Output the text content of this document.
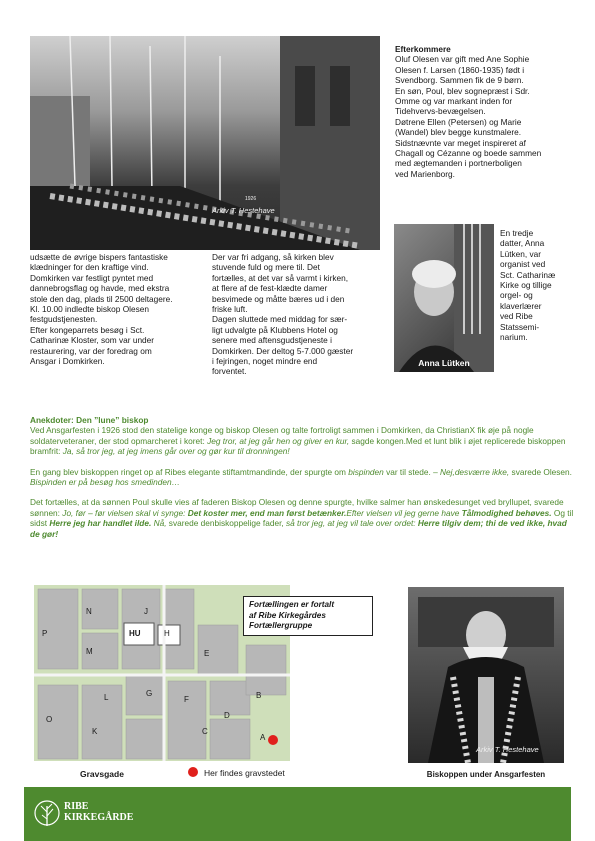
Arkiv T. Hestehave
1926
Efterkommere
Oluf Olesen var gift med Ane Sophie
Olesen f. Larsen (1860-1935) født i
Svendborg. Sammen fik de 9 børn.
En søn, Poul, blev sognepræst i Sdr.
Omme og var markant inden for
Tidehvervs-bevægelsen.
Døtrene Ellen (Petersen) og Marie
(Wandel) blev begge kunstmalere.
Sidstnævnte var meget inspireret af
Chagall og Cézanne og boede sammen
med ægtemanden i portnerboligen
ved Marienborg.
Anna Lütken
En tredje
datter, Anna
Lütken, var
organist ved
Sct. Catharinæ
Kirke og tillige
orgel- og
klaverlærer
ved Ribe
Statssemi-
narium.
udsætte de øvrige bispers fantastiske
klædninger for den kraftige vind.
Domkirken var festligt pyntet med
dannebrogsflag og havde, med ekstra
stole den dag, plads til 2500 deltagere.
Kl. 10.00 indledte biskop Olesen
festgudstjenesten.
Efter kongeparrets besøg i Sct.
Catharinæ Kloster, som var under
restaurering, var der foredrag om
Ansgar i Domkirken.
Der var fri adgang, så kirken blev
stuvende fuld og mere til. Det
fortælles, at det var så varmt i kirken,
at flere af de fest-klædte damer
besvimede og måtte bæres ud i den
friske luft.
Dagen sluttede med middag for sær-
ligt udvalgte på Klubbens Hotel og
senere med aftensgudstjeneste i
Domkirken. Der deltog 5-7.000 gæster
i fejringen, noget mindre end
forventet.
Anekdoter: Den ”lune” biskop
Ved Ansgarfesten i 1926 stod den statelige konge og biskop Olesen og talte fortroligt sammen i Domkirken, da ChristianX fik øje på nogle soldaterveteraner, der stod opmarcheret i koret: Jeg tror, at jeg går hen og giver en kur, sagde kongen.Med et lunt blik i øjet replicerede biskoppen bramfrit: Ja, så tror jeg, at jeg imens går over og gør kur til dronningen!
En gang blev biskoppen ringet op af Ribes elegante stiftamtmandinde, der spurgte om bispinden var til stede. – Nej,desværre ikke, svarede Olesen. Bispinden er på besøg hos smedinden…
Det fortælles, at da sønnen Poul skulle vies af faderen Biskop Olesen og denne spurgte, hvilke salmer han ønskedesunget ved bryllupet, svarede sønnen: Jo, før – før vielsen skal vi synge: Det koster mer, end man først betænker.Efter vielsen vil jeg gerne have Tålmodighed behøves. Og til sidst Herre jeg har handlet ilde. Nå, svarede denbiskoppelige fader, så tror jeg, at jeg vil tale over ordet: Herre tilgiv dem; thi de ved ikke, hvad de gør!
N	J
M
HU	H
P
L	G
E
F
O
K	C
B
D
A
Fortællingen er fortalt
af Ribe Kirkegårdes
Fortællergruppe
Gravsgade	Her findes gravstedet
Arkiv T. Hestehave
Biskoppen under Ansgarfesten
RIBE
KIRKEGÅRDE
